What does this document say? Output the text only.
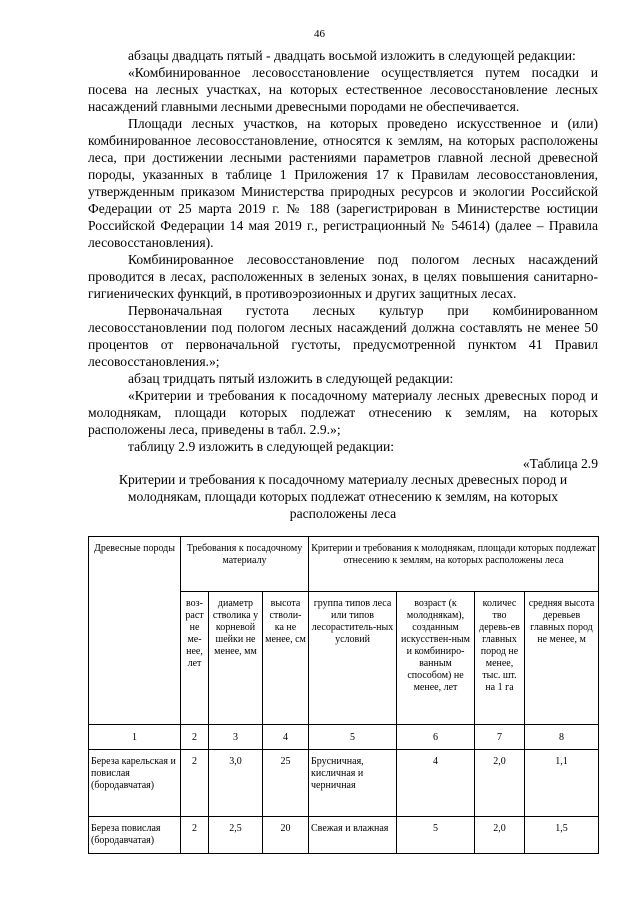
46

абзацы двадцать пятый - двадцать восьмой изложить в следующей редакции:

«Комбинированное лесовосстановление осуществляется путем посадки и посева на лесных участках, на которых естественное лесовосстановление лесных насаждений главными лесными древесными породами не обеспечивается.

Площади лесных участков, на которых проведено искусственное и (или) комбинированное лесовосстановление, относятся к землям, на которых расположены леса, при достижении лесными растениями параметров главной лесной древесной породы, указанных в таблице 1 Приложения 17 к Правилам лесовосстановления, утвержденным приказом Министерства природных ресурсов и экологии Российской Федерации от 25 марта 2019 г. № 188 (зарегистрирован в Министерстве юстиции Российской Федерации 14 мая 2019 г., регистрационный № 54614) (далее – Правила лесовосстановления).

Комбинированное лесовосстановление под пологом лесных насаждений проводится в лесах, расположенных в зеленых зонах, в целях повышения санитарно-гигиенических функций, в противоэрозионных и других защитных лесах.

Первоначальная густота лесных культур при комбинированном лесовосстановлении под пологом лесных насаждений должна составлять не менее 50 процентов от первоначальной густоты, предусмотренной пунктом 41 Правил лесовосстановления.»;

абзац тридцать пятый изложить в следующей редакции:

«Критерии и требования к посадочному материалу лесных древесных пород и молоднякам, площади которых подлежат отнесению к землям, на которых расположены леса, приведены в табл. 2.9.»;

таблицу 2.9 изложить в следующей редакции:

«Таблица 2.9

Критерии и требования к посадочному материалу лесных древесных пород и молоднякам, площади которых подлежат отнесению к землям, на которых расположены леса
Древесные породы	Требования к посадочному материалу			Критерии и требования к молоднякам, площади которых подлежат отнесению к землям, на которых расположены леса			
	воз-раст не ме-нее, лет	диаметр стволика у корневой шейки не менее, мм	высота стволи-ка не менее, см	группа типов леса или типов лесораститель-ных условий	возраст (к молоднякам), созданным искусствен-ным и комбиниро-ванным способом) не менее, лет	количес тво деревь-ев главных пород не менее, тыс. шт. на 1 га	средняя высота деревьев главных пород не менее, м
1	2	3	4	5	6	7	8
Береза карельская и повислая (бородавчатая)	2	3,0	25	Брусничная, кисличная и черничная	4	2,0	1,1
Береза повислая (бородавчатая)	2	2,5	20	Свежая и влажная	5	2,0	1,5
